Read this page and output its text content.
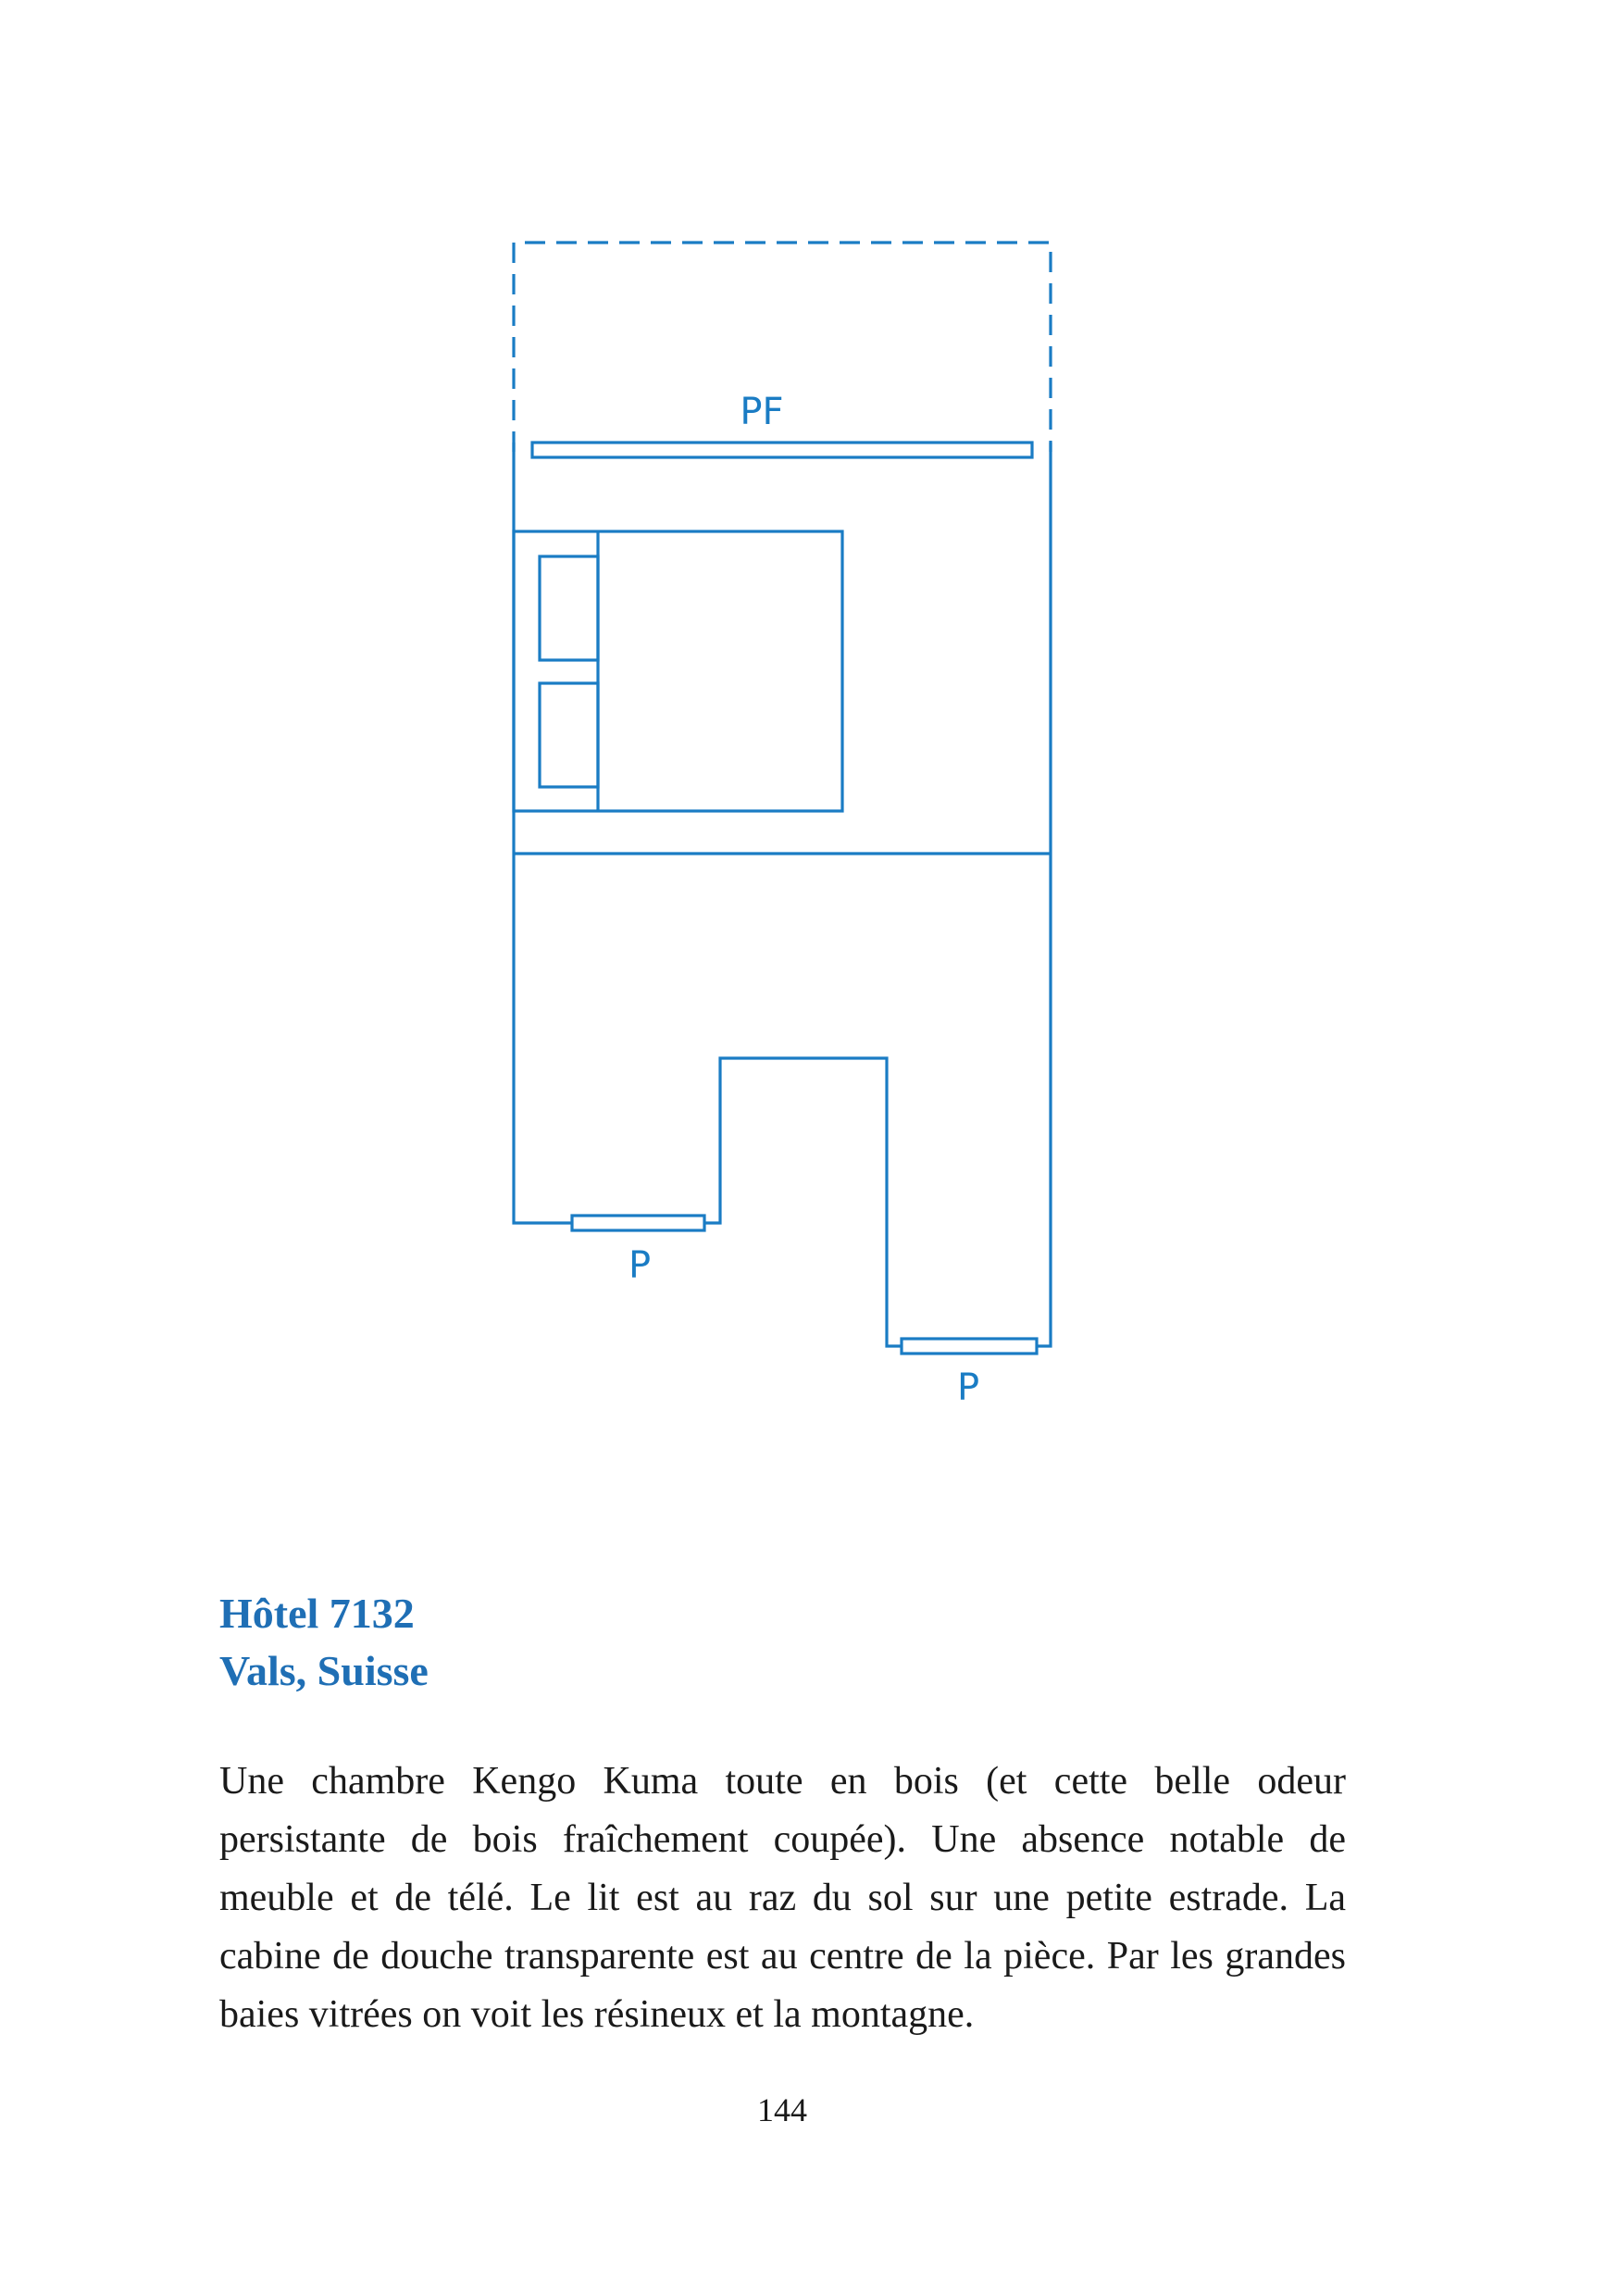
PF
P
P
Hôtel 7132
Vals, Suisse

Une chambre Kengo Kuma toute en bois (et cette belle odeur persistante de bois fraîchement coupée). Une absence notable de meuble et de télé. Le lit est au raz du sol sur une petite estrade. La cabine de douche transparente est au centre de la pièce. Par les grandes baies vitrées on voit les résineux et la montagne.

144
